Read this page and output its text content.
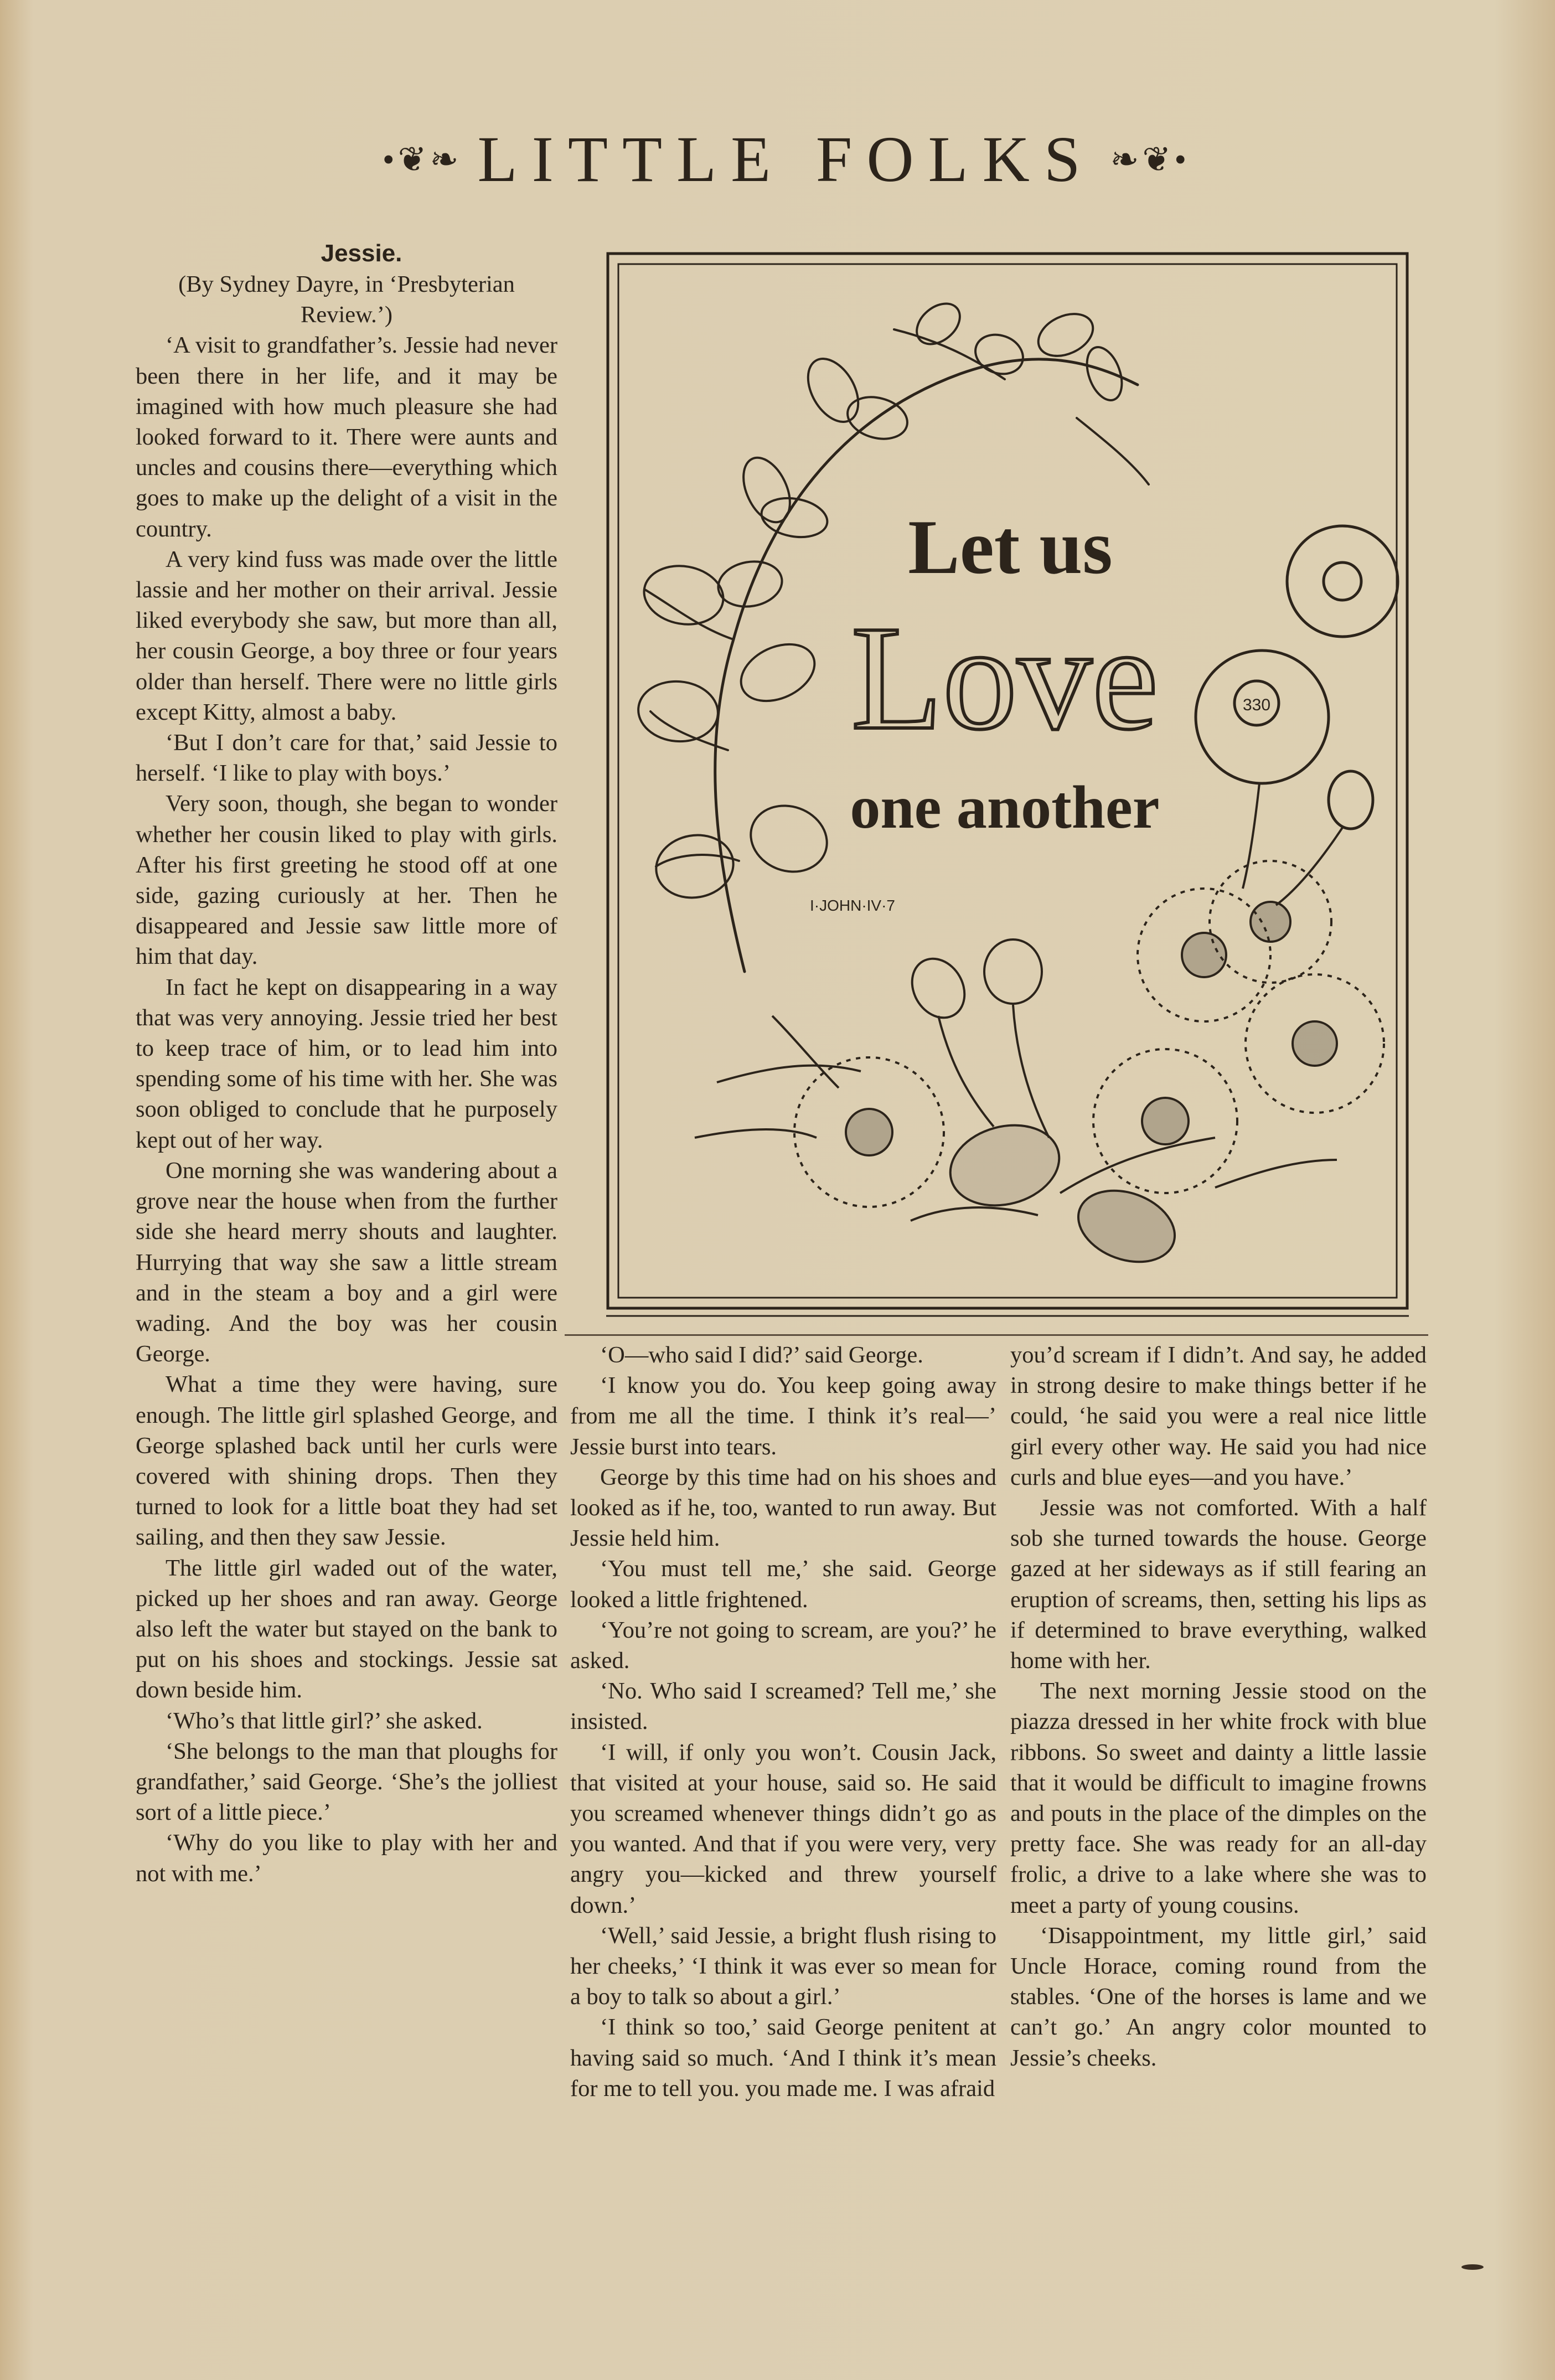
•❦❧ LITTLE FOLKS ❧❦•

Jessie.

(By Sydney Dayre, in ‘Presbyterian Review.’)

‘A visit to grandfather’s. Jessie had never been there in her life, and it may be imagined with how much pleasure she had looked forward to it. There were aunts and uncles and cousins there—everything which goes to make up the delight of a visit in the country.

A very kind fuss was made over the little lassie and her mother on their arrival. Jessie liked everybody she saw, but more than all, her cousin George, a boy three or four years older than herself. There were no little girls except Kitty, almost a baby.

‘But I don’t care for that,’ said Jessie to herself. ‘I like to play with boys.’

Very soon, though, she began to wonder whether her cousin liked to play with girls. After his first greeting he stood off at one side, gazing curiously at her. Then he disappeared and Jessie saw little more of him that day.

In fact he kept on disappearing in a way that was very annoying. Jessie tried her best to keep trace of him, or to lead him into spending some of his time with her. She was soon obliged to conclude that he purposely kept out of her way.

One morning she was wandering about a grove near the house when from the further side she heard merry shouts and laughter. Hurrying that way she saw a little stream and in the steam a boy and a girl were wading. And the boy was her cousin George.

What a time they were having, sure enough. The little girl splashed George, and George splashed back until her curls were covered with shining drops. Then they turned to look for a little boat they had set sailing, and then they saw Jessie.

The little girl waded out of the water, picked up her shoes and ran away. George also left the water but stayed on the bank to put on his shoes and stockings. Jessie sat down beside him.

‘Who’s that little girl?’ she asked.

‘She belongs to the man that ploughs for grandfather,’ said George. ‘She’s the jolliest sort of a little piece.’

‘Why do you like to play with her and not with me.’

Let us
Love
one another
I·JOHN·IV·7
330

‘O—who said I did?’ said George.

‘I know you do. You keep going away from me all the time. I think it’s real—’ Jessie burst into tears.

George by this time had on his shoes and looked as if he, too, wanted to run away. But Jessie held him.

‘You must tell me,’ she said. George looked a little frightened.

‘You’re not going to scream, are you?’ he asked.

‘No. Who said I screamed? Tell me,’ she insisted.

‘I will, if only you won’t. Cousin Jack, that visited at your house, said so. He said you screamed whenever things didn’t go as you wanted. And that if you were very, very angry you—kicked and threw yourself down.’

‘Well,’ said Jessie, a bright flush rising to her cheeks,’ ‘I think it was ever so mean for a boy to talk so about a girl.’

‘I think so too,’ said George penitent at having said so much. ‘And I think it’s mean for me to tell you. you made me. I was afraid

you’d scream if I didn’t. And say, he added in strong desire to make things better if he could, ‘he said you were a real nice little girl every other way. He said you had nice curls and blue eyes—and you have.’

Jessie was not comforted. With a half sob she turned towards the house. George gazed at her sideways as if still fearing an eruption of screams, then, setting his lips as if determined to brave everything, walked home with her.

The next morning Jessie stood on the piazza dressed in her white frock with blue ribbons. So sweet and dainty a little lassie that it would be difficult to imagine frowns and pouts in the place of the dimples on the pretty face. She was ready for an all-day frolic, a drive to a lake where she was to meet a party of young cousins.

‘Disappointment, my little girl,’ said Uncle Horace, coming round from the stables. ‘One of the horses is lame and we can’t go.’ An angry color mounted to Jessie’s cheeks.
